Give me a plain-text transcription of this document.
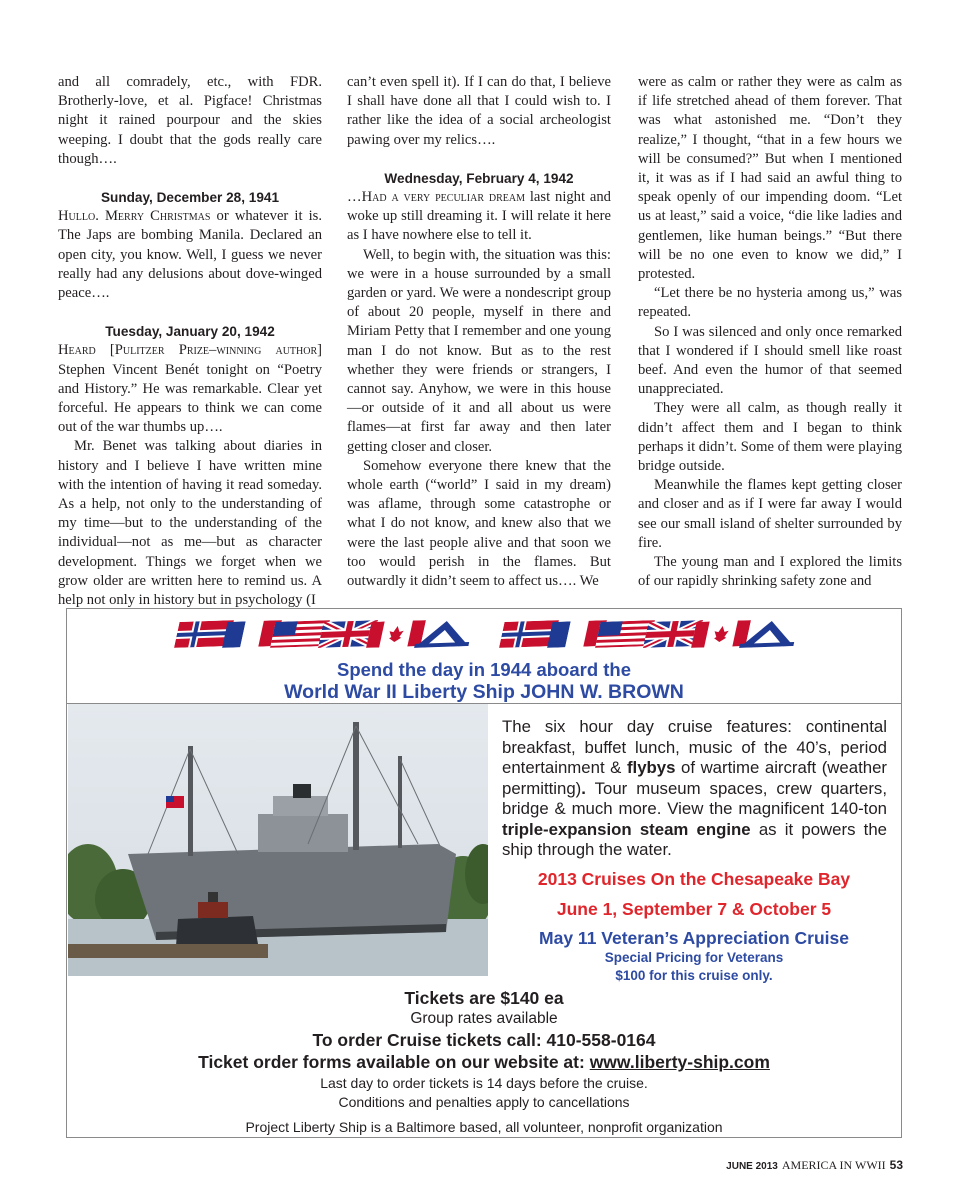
and all comradely, etc., with FDR. Brotherly-love, et al. Pigface! Christmas night it rained pourpour and the skies weeping. I doubt that the gods really care though….

Sunday, December 28, 1941

Hullo. Merry Christmas or whatever it is. The Japs are bombing Manila. Declared an open city, you know. Well, I guess we never really had any delusions about dove-winged peace….

Tuesday, January 20, 1942

Heard [Pulitzer Prize–winning author] Stephen Vincent Benét tonight on “Poetry and History.” He was remarkable. Clear yet forceful. He appears to think we can come out of the war thumbs up….

Mr. Benet was talking about diaries in history and I believe I have written mine with the intention of having it read someday. As a help, not only to the understanding of my time—but to the understanding of the individual—not as me—but as character development. Things we forget when we grow older are written here to remind us. A help not only in history but in psychology (I

can’t even spell it). If I can do that, I believe I shall have done all that I could wish to. I rather like the idea of a social archeologist pawing over my relics….

Wednesday, February 4, 1942

…Had a very peculiar dream last night and woke up still dreaming it. I will relate it here as I have nowhere else to tell it.

Well, to begin with, the situation was this: we were in a house surrounded by a small garden or yard. We were a nondescript group of about 20 people, myself in there and Miriam Petty that I remember and one young man I do not know. But as to the rest whether they were friends or strangers, I cannot say. Anyhow, we were in this house—or outside of it and all about us were flames—at first far away and then later getting closer and closer.

Somehow everyone there knew that the whole earth (“world” I said in my dream) was aflame, through some catastrophe or what I do not know, and knew also that we were the last people alive and that soon we too would perish in the flames. But outwardly it didn’t seem to affect us…. We

were as calm or rather they were as calm as if life stretched ahead of them forever. That was what astonished me. “Don’t they realize,” I thought, “that in a few hours we will be consumed?” But when I mentioned it, it was as if I had said an awful thing to speak openly of our impending doom. “Let us at least,” said a voice, “die like ladies and gentlemen, like human beings.” “But there will be no one even to know we did,” I protested.

“Let there be no hysteria among us,” was repeated.

So I was silenced and only once remarked that I wondered if I should smell like roast beef. And even the humor of that seemed unappreciated.

They were all calm, as though really it didn’t affect them and I began to think perhaps it didn’t. Some of them were playing bridge outside.

Meanwhile the flames kept getting closer and closer and as if I were far away I would see our small island of shelter surrounded by fire.

The young man and I explored the limits of our rapidly shrinking safety zone and

Spend the day in 1944 aboard the
World War II Liberty Ship JOHN W. BROWN
The six hour day cruise features: continental breakfast, buffet lunch, music of the 40’s, period entertainment & flybys of wartime aircraft (weather permitting). Tour museum spaces, crew quarters, bridge & much more. View the magnificent 140-ton triple-expansion steam engine as it powers the ship through the water.
2013 Cruises On the Chesapeake Bay
June 1, September 7 & October 5
May 11 Veteran’s Appreciation Cruise
Special Pricing for Veterans
$100 for this cruise only.
Tickets are $140 ea
Group rates available
To order Cruise tickets call: 410-558-0164
Ticket order forms available on our website at: www.liberty-ship.com
Last day to order tickets is 14 days before the cruise.
Conditions and penalties apply to cancellations
Project Liberty Ship is a Baltimore based, all volunteer, nonprofit organization
JUNE 2013 AMERICA IN WWII 53
